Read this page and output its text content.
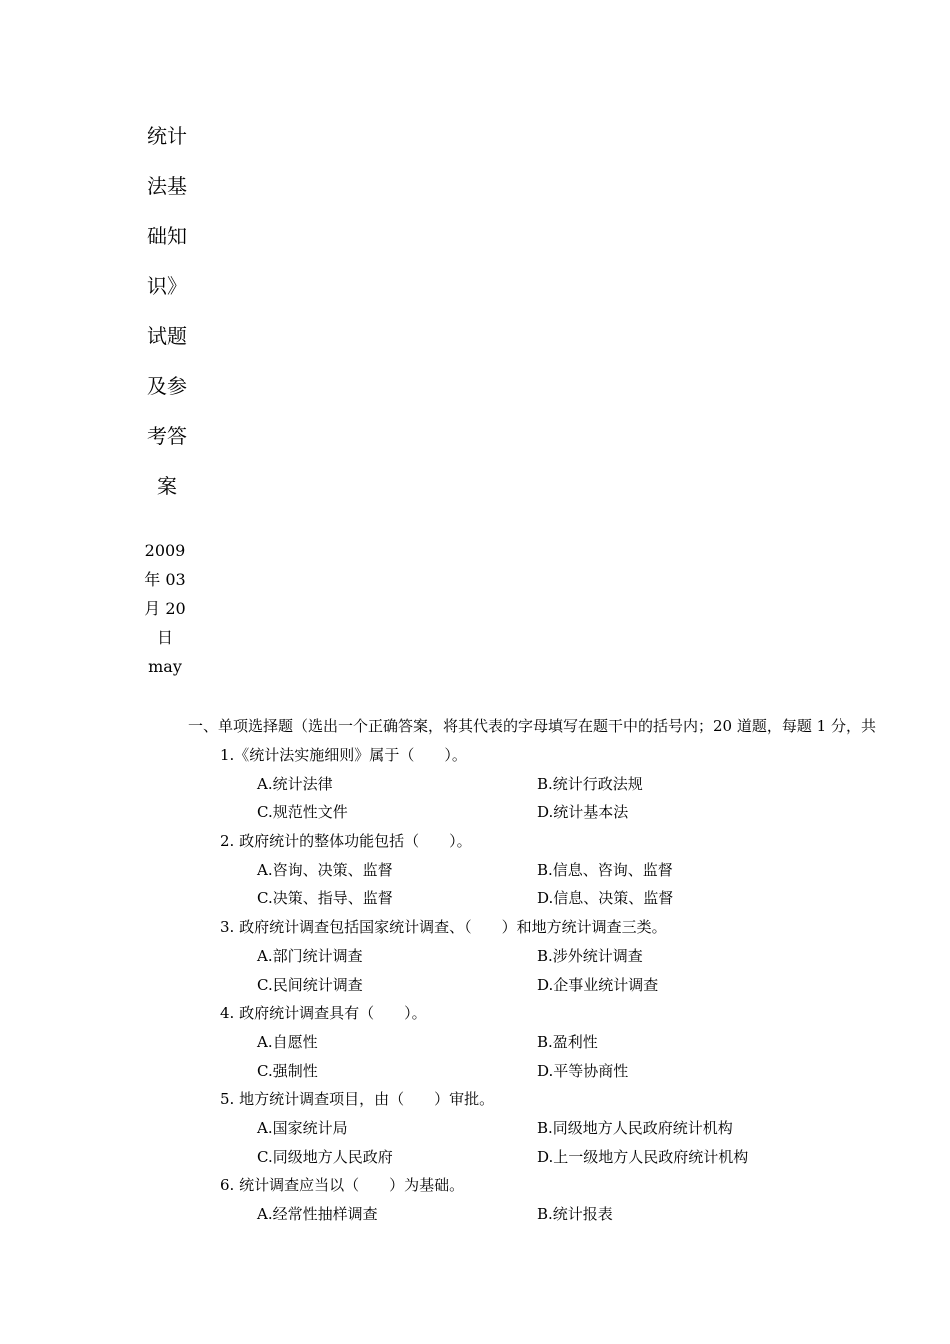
统计
法基
础知
识》
试题
及参
考答
案
2009
年 03
月 20
日
may
一、单项选择题（选出一个正确答案，将其代表的字母填写在题干中的括号内；20 道题，每题 1 分，共
1.《统计法实施细则》属于（　　）。
A.统计法律	B.统计行政法规
C.规范性文件	D.统计基本法
2. 政府统计的整体功能包括（　　）。
A.咨询、决策、监督	B.信息、咨询、监督
C.决策、指导、监督	D.信息、决策、监督
3. 政府统计调查包括国家统计调查、（　　）和地方统计调查三类。
A.部门统计调查	B.涉外统计调查
C.民间统计调查	D.企事业统计调查
4. 政府统计调查具有（　　）。
A.自愿性	B.盈利性
C.强制性	D.平等协商性
5. 地方统计调查项目，由（　　）审批。
A.国家统计局	B.同级地方人民政府统计机构
C.同级地方人民政府	D.上一级地方人民政府统计机构
6. 统计调查应当以（　　）为基础。
A.经常性抽样调查	B.统计报表
